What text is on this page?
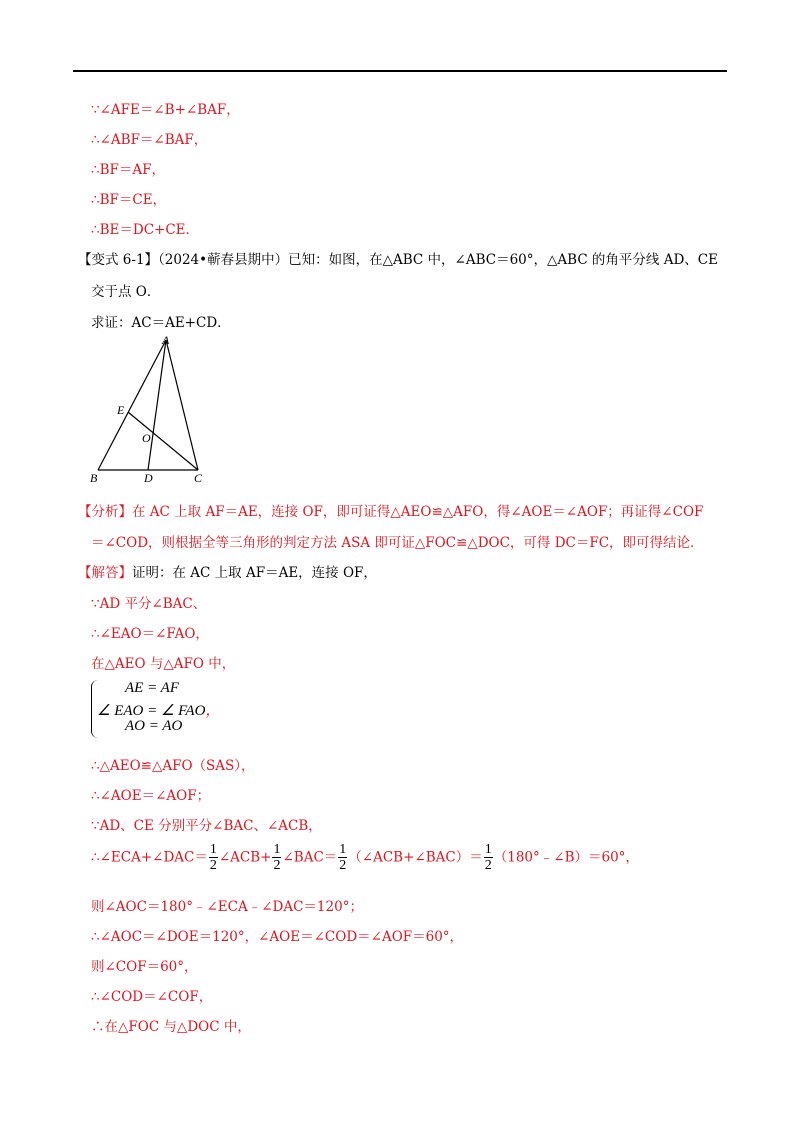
∵∠AFE＝∠B+∠BAF，
∴∠ABF＝∠BAF，
∴BF＝AF，
∴BF＝CE，
∴BE＝DC+CE．
【变式 6-1】（2024•蕲春县期中）已知：如图，在△ABC 中，∠ABC＝60°，△ABC 的角平分线 AD、CE
交于点 O．
求证：AC＝AE+CD．
A
B	C
D
E
O
【分析】在 AC 上取 AF＝AE，连接 OF，即可证得△AEO≌△AFO，得∠AOE＝∠AOF；再证得∠COF
＝∠COD，则根据全等三角形的判定方法 ASA 即可证△FOC≌△DOC，可得 DC＝FC，即可得结论．
【解答】证明：在 AC 上取 AF＝AE，连接 OF，
∵AD 平分∠BAC、
∴∠EAO＝∠FAO，
在△AEO 与△AFO 中，
AE = AF
∠ EAO = ∠ FAO，
AO = AO
∴△AEO≌△AFO（SAS），
∴∠AOE＝∠AOF；
∵AD、CE 分别平分∠BAC、∠ACB，
∴∠ECA+∠DAC＝ $\frac{1}{2}$ ∠ACB+ $\frac{1}{2}$ ∠BAC＝ $\frac{1}{2}$ （∠ACB+∠BAC）＝ $\frac{1}{2}$ （180°﹣∠B）＝60°，
则∠AOC＝180°﹣∠ECA﹣∠DAC＝120°；
∴∠AOC＝∠DOE＝120°，∠AOE＝∠COD＝∠AOF＝60°，
则∠COF＝60°，
∴∠COD＝∠COF，
∴在△FOC 与△DOC 中，
